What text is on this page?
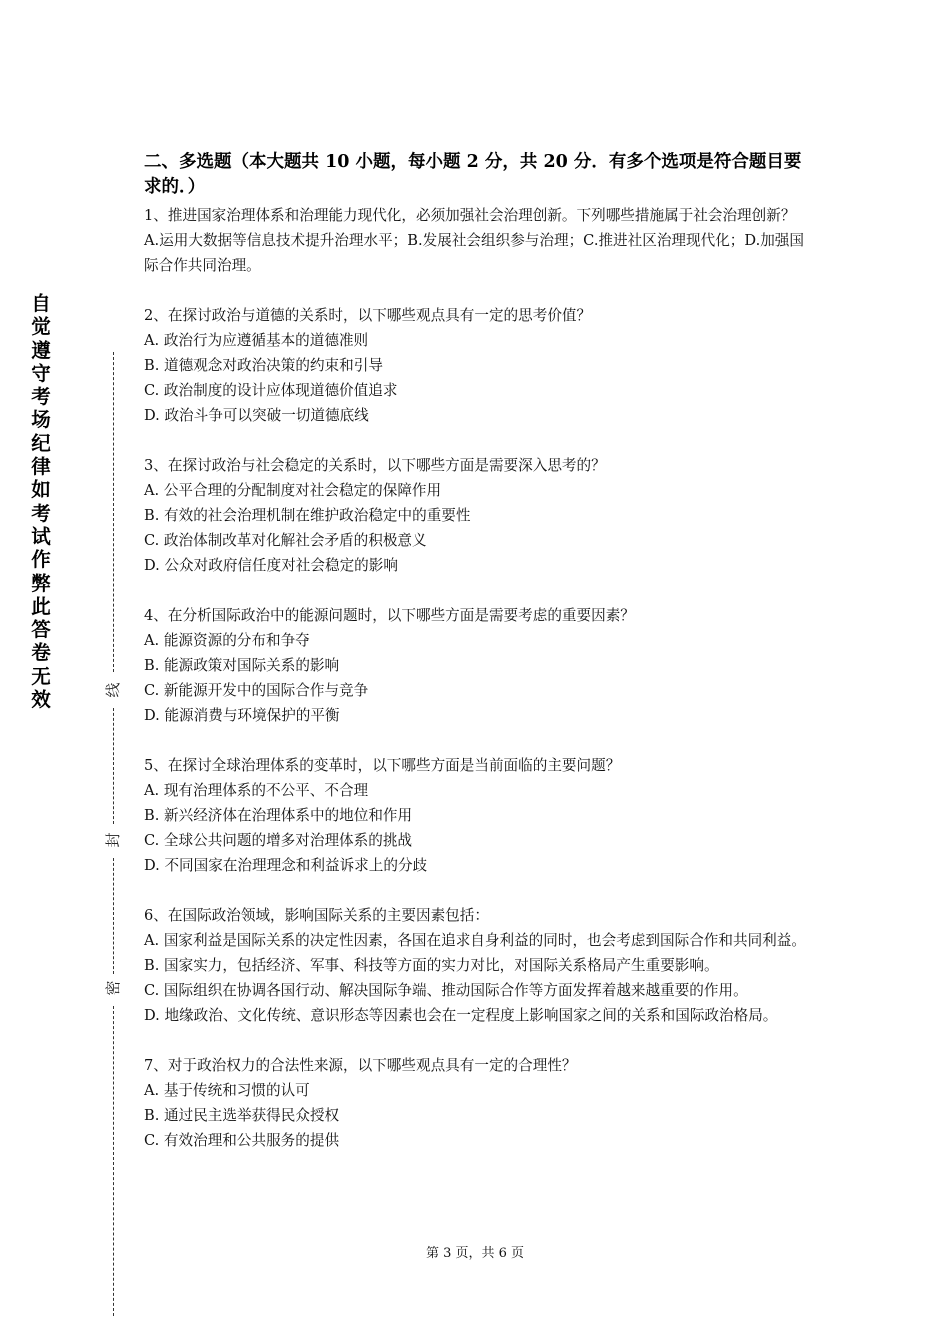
自
觉
遵
守
考
场
纪
律
如
考
试
作
弊
此
答
卷
无
效	线
封
密

二、多选题（本大题共 10 小题，每小题 2 分，共 20 分．有多个选项是符合题目要求的．）

1、推进国家治理体系和治理能力现代化，必须加强社会治理创新。下列哪些措施属于社会治理创新？A.运用大数据等信息技术提升治理水平；B.发展社会组织参与治理；C.推进社区治理现代化；D.加强国际合作共同治理。

2、在探讨政治与道德的关系时，以下哪些观点具有一定的思考价值？

A. 政治行为应遵循基本的道德准则

B. 道德观念对政治决策的约束和引导

C. 政治制度的设计应体现道德价值追求

D. 政治斗争可以突破一切道德底线

3、在探讨政治与社会稳定的关系时，以下哪些方面是需要深入思考的？

A. 公平合理的分配制度对社会稳定的保障作用

B. 有效的社会治理机制在维护政治稳定中的重要性

C. 政治体制改革对化解社会矛盾的积极意义

D. 公众对政府信任度对社会稳定的影响

4、在分析国际政治中的能源问题时，以下哪些方面是需要考虑的重要因素？

A. 能源资源的分布和争夺

B. 能源政策对国际关系的影响

C. 新能源开发中的国际合作与竞争

D. 能源消费与环境保护的平衡

5、在探讨全球治理体系的变革时，以下哪些方面是当前面临的主要问题？

A. 现有治理体系的不公平、不合理

B. 新兴经济体在治理体系中的地位和作用

C. 全球公共问题的增多对治理体系的挑战

D. 不同国家在治理理念和利益诉求上的分歧

6、在国际政治领域，影响国际关系的主要因素包括：

A. 国家利益是国际关系的决定性因素，各国在追求自身利益的同时，也会考虑到国际合作和共同利益。

B. 国家实力，包括经济、军事、科技等方面的实力对比，对国际关系格局产生重要影响。

C. 国际组织在协调各国行动、解决国际争端、推动国际合作等方面发挥着越来越重要的作用。

D. 地缘政治、文化传统、意识形态等因素也会在一定程度上影响国家之间的关系和国际政治格局。

7、对于政治权力的合法性来源，以下哪些观点具有一定的合理性？

A. 基于传统和习惯的认可

B. 通过民主选举获得民众授权

C. 有效治理和公共服务的提供

第 3 页，共 6 页
